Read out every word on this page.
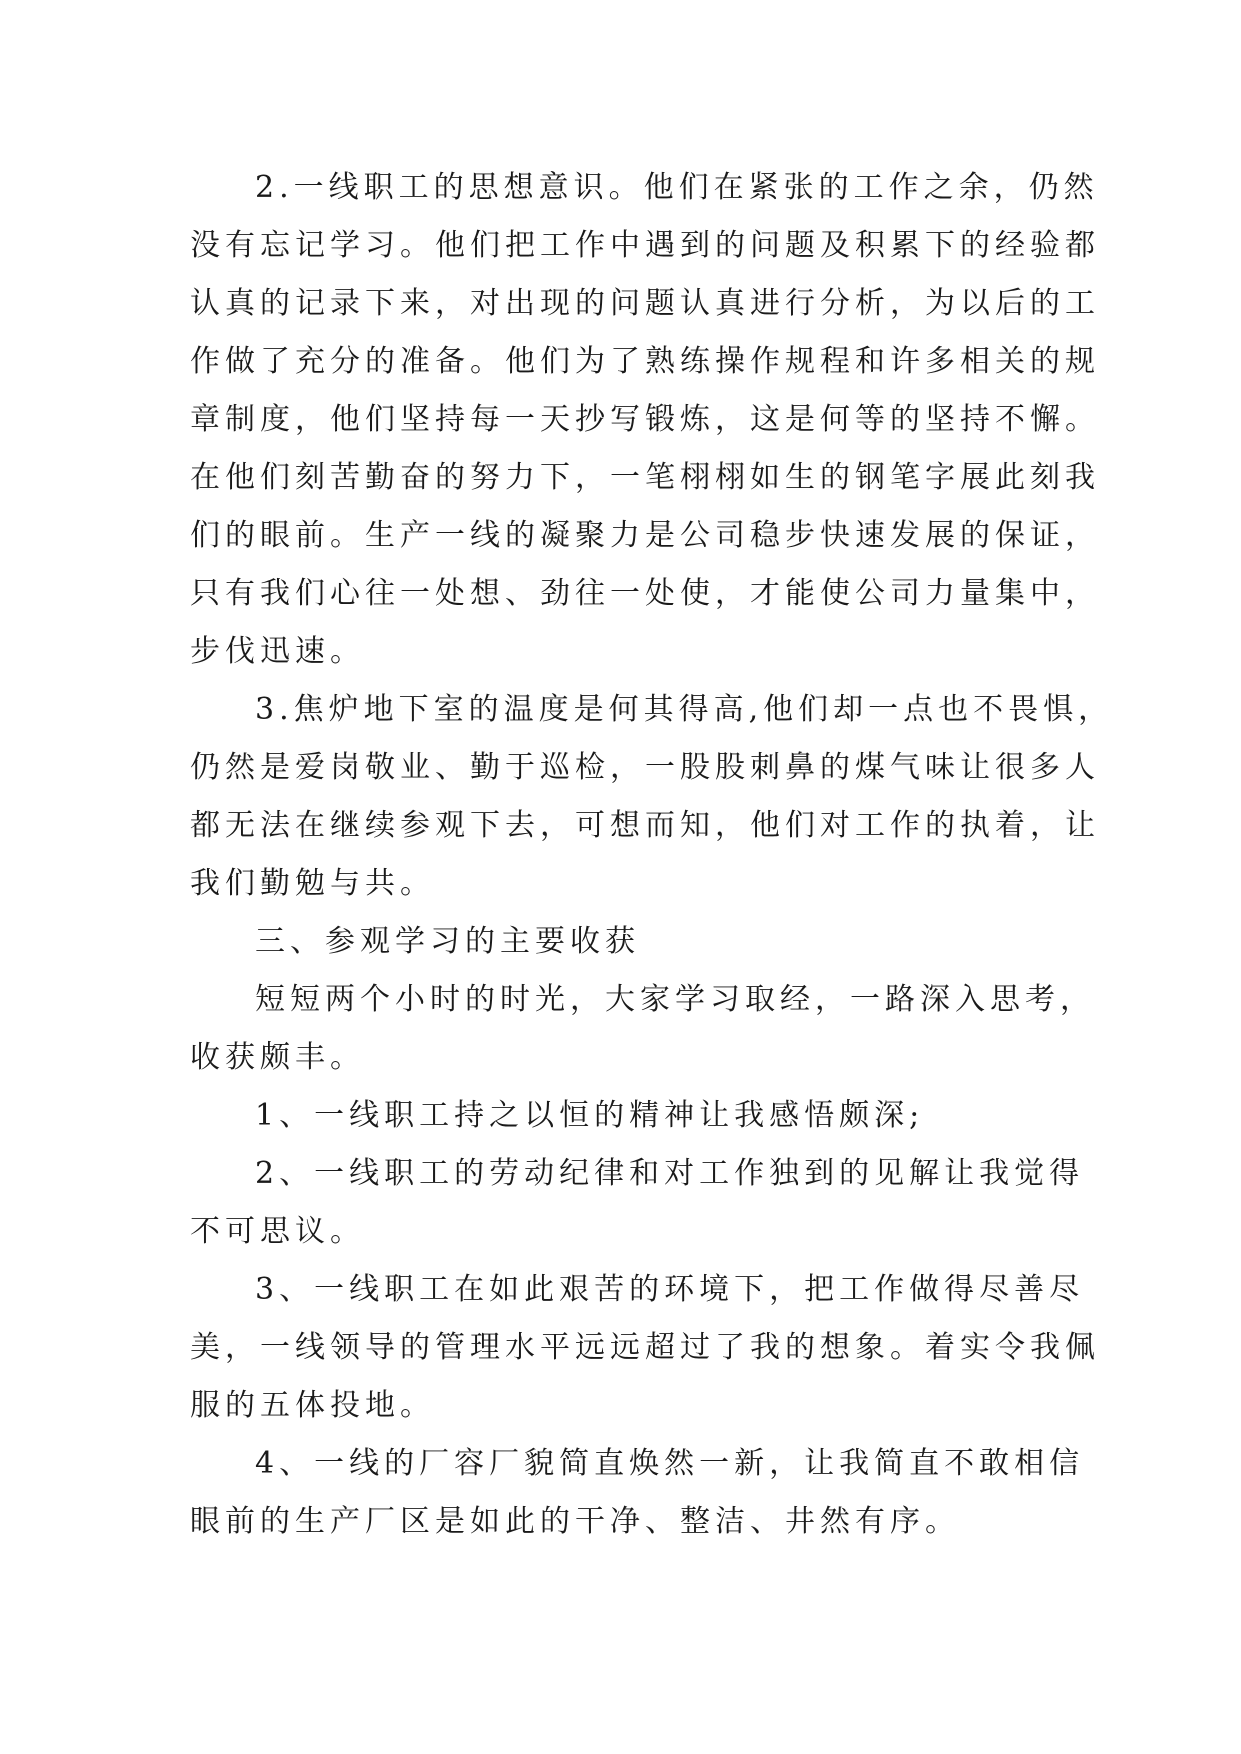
2.一线职工的思想意识。他们在紧张的工作之余，仍然
没有忘记学习。他们把工作中遇到的问题及积累下的经验都
认真的记录下来，对出现的问题认真进行分析，为以后的工
作做了充分的准备。他们为了熟练操作规程和许多相关的规
章制度，他们坚持每一天抄写锻炼，这是何等的坚持不懈。
在他们刻苦勤奋的努力下，一笔栩栩如生的钢笔字展此刻我
们的眼前。生产一线的凝聚力是公司稳步快速发展的保证，
只有我们心往一处想、劲往一处使，才能使公司力量集中，
步伐迅速。
3.焦炉地下室的温度是何其得高,他们却一点也不畏惧，
仍然是爱岗敬业、勤于巡检，一股股刺鼻的煤气味让很多人
都无法在继续参观下去，可想而知，他们对工作的执着，让
我们勤勉与共。
三、参观学习的主要收获
短短两个小时的时光，大家学习取经，一路深入思考，
收获颇丰。
1、一线职工持之以恒的精神让我感悟颇深;
2、一线职工的劳动纪律和对工作独到的见解让我觉得
不可思议。
3、一线职工在如此艰苦的环境下，把工作做得尽善尽
美，一线领导的管理水平远远超过了我的想象。着实令我佩
服的五体投地。
4、一线的厂容厂貌简直焕然一新，让我简直不敢相信
眼前的生产厂区是如此的干净、整洁、井然有序。
